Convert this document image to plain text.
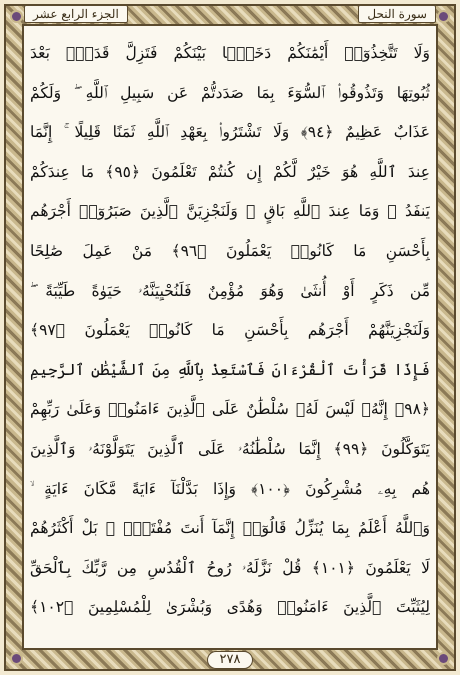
الجزء الرابع عشر	سورة النحل
وَلَا تَتَّخِذُوٓا۟ أَيْمَٰنَكُمْ دَخَلًۢا بَيْنَكُمْ فَتَزِلَّ قَدَمٌۢ بَعْدَ
ثُبُوتِهَا وَتَذُوقُوا۟ ٱلسُّوٓءَ بِمَا صَدَدتُّمْ عَن سَبِيلِ ٱللَّهِ ۖ وَلَكُمْ
عَذَابٌ عَظِيمٌ ﴿٩٤﴾ وَلَا تَشْتَرُوا۟ بِعَهْدِ ٱللَّهِ ثَمَنًا قَلِيلًا ۚ إِنَّمَا
عِندَ ٱللَّهِ هُوَ خَيْرٌ لَّكُمْ إِن كُنتُمْ تَعْلَمُونَ ﴿٩٥﴾ مَا عِندَكُمْ
يَنفَدُ ۖ وَمَا عِندَ ٱللَّهِ بَاقٍ ۗ وَلَنَجْزِيَنَّ ٱلَّذِينَ صَبَرُوٓا۟ أَجْرَهُم
بِأَحْسَنِ مَا كَانُوا۟ يَعْمَلُونَ ﴿٩٦﴾ مَنْ عَمِلَ صَٰلِحًا
مِّن ذَكَرٍ أَوْ أُنثَىٰ وَهُوَ مُؤْمِنٌ فَلَنُحْيِيَنَّهُۥ حَيَوٰةً طَيِّبَةً ۖ
وَلَنَجْزِيَنَّهُمْ أَجْرَهُم بِأَحْسَنِ مَا كَانُوا۟ يَعْمَلُونَ ﴿٩٧﴾
فَإِذَا قَرَأْتَ ٱلْقُرْءَانَ فَٱسْتَعِذْ بِٱللَّهِ مِنَ ٱلشَّيْطَٰنِ ٱلرَّجِيمِ
﴿٩٨﴾ إِنَّهُۥ لَيْسَ لَهُۥ سُلْطَٰنٌ عَلَى ٱلَّذِينَ ءَامَنُوا۟ وَعَلَىٰ رَبِّهِمْ
يَتَوَكَّلُونَ ﴿٩٩﴾ إِنَّمَا سُلْطَٰنُهُۥ عَلَى ٱلَّذِينَ يَتَوَلَّوْنَهُۥ وَٱلَّذِينَ
هُم بِهِۦ مُشْرِكُونَ ﴿١٠٠﴾ وَإِذَا بَدَّلْنَآ ءَايَةً مَّكَانَ ءَايَةٍ ۙ
وَٱللَّهُ أَعْلَمُ بِمَا يُنَزِّلُ قَالُوٓا۟ إِنَّمَآ أَنتَ مُفْتَرٍۭ ۚ بَلْ أَكْثَرُهُمْ
لَا يَعْلَمُونَ ﴿١٠١﴾ قُلْ نَزَّلَهُۥ رُوحُ ٱلْقُدُسِ مِن رَّبِّكَ بِٱلْحَقِّ
لِيُثَبِّتَ ٱلَّذِينَ ءَامَنُوا۟ وَهُدًى وَبُشْرَىٰ لِلْمُسْلِمِينَ ﴿١٠٢﴾
٢٧٨
